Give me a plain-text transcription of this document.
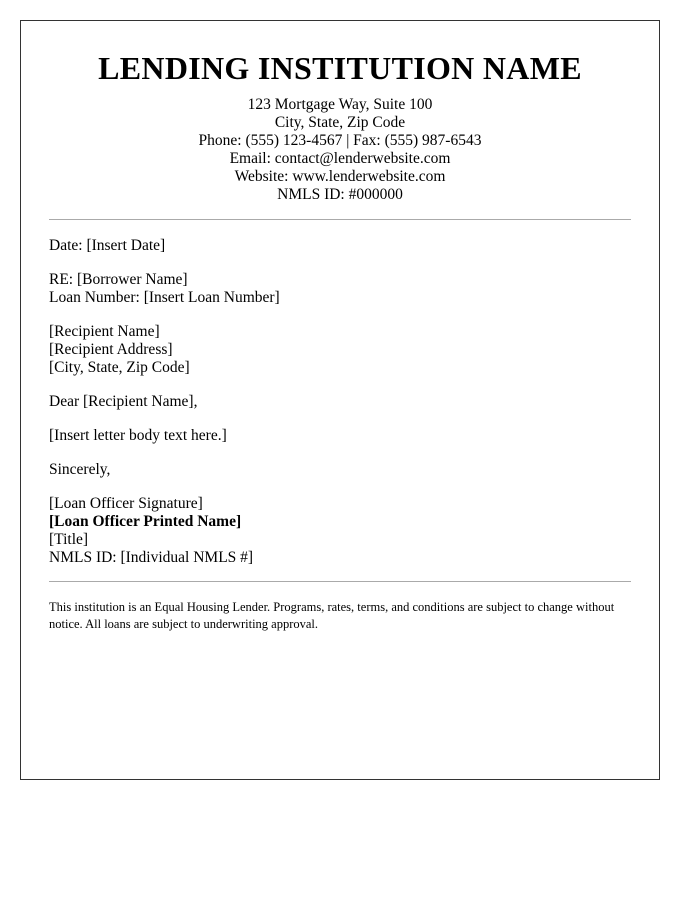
LENDING INSTITUTION NAME
123 Mortgage Way, Suite 100
City, State, Zip Code
Phone: (555) 123-4567 | Fax: (555) 987-6543
Email: contact@lenderwebsite.com
Website: www.lenderwebsite.com
NMLS ID: #000000

Date: [Insert Date]

RE: [Borrower Name]

Loan Number: [Insert Loan Number]

[Recipient Name]

[Recipient Address]

[City, State, Zip Code]

Dear [Recipient Name],

[Insert letter body text here.]

Sincerely,

[Loan Officer Signature]

[Loan Officer Printed Name]

[Title]

NMLS ID: [Individual NMLS #]

This institution is an Equal Housing Lender. Programs, rates, terms, and conditions are subject to change without notice. All loans are subject to underwriting approval.
